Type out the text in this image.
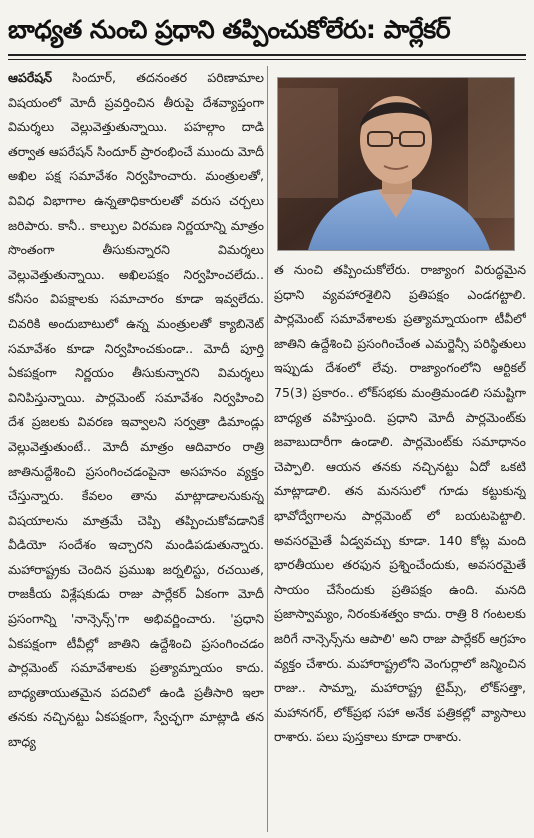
బాధ్యత నుంచి ప్రధాని తప్పించుకోలేరు: పార్లేకర్

ఆపరేషన్ సిందూర్, తదనంతర పరిణామాల విషయంలో మోదీ ప్రవర్తించిన తీరుపై దేశవ్యాప్తంగా విమర్శలు వెల్లువెత్తుతున్నాయి. పహల్గాం దాడి తర్వాత ఆపరేషన్ సిందూర్ ప్రారంభించే ముందు మోదీ అఖిల పక్ష సమావేశం నిర్వహించారు. మంత్రులతో, వివిధ విభాగాల ఉన్నతాధికారులతో వరుస చర్చలు జరిపారు. కానీ.. కాల్పుల విరమణ నిర్ణయాన్ని మాత్రం సొంతంగా తీసుకున్నారని విమర్శలు వెల్లువెత్తుతున్నాయి. అఖిలపక్షం నిర్వహించలేదు.. కనీసం విపక్షాలకు సమాచారం కూడా ఇవ్వలేదు. చివరికి అందుబాటులో ఉన్న మంత్రులతో క్యాబినెట్ సమావేశం కూడా నిర్వహించకుండా.. మోదీ పూర్తి ఏకపక్షంగా నిర్ణయం తీసుకున్నారని విమర్శలు వినిపిస్తున్నాయి. పార్లమెంట్ సమావేశం నిర్వహించి దేశ ప్రజలకు వివరణ ఇవ్వాలని సర్వత్రా డిమాండ్లు వెల్లువెత్తుతుంటే.. మోదీ మాత్రం ఆదివారం రాత్రి జాతినుద్దేశించి ప్రసంగించడంపైనా అసహనం వ్యక్తం చేస్తున్నారు. కేవలం తాను మాట్లాడాలనుకున్న విషయాలను మాత్రమే చెప్పి తప్పించుకోవడానికే వీడియో సందేశం ఇచ్చారని మండిపడుతున్నారు. మహారాష్ట్రకు చెందిన ప్రముఖ జర్నలిస్టు, రచయిత, రాజకీయ విశ్లేషకుడు రాజు పార్లేకర్ ఏకంగా మోదీ ప్రసంగాన్ని 'నాన్సెన్స్'గా అభివర్ణించారు. 'ప్రధాని ఏకపక్షంగా టీవీల్లో జాతిని ఉద్దేశించి ప్రసంగించడం పార్లమెంట్ సమావేశాలకు ప్రత్యామ్నాయం కాదు. బాధ్యతాయుతమైన పదవిలో ఉండి ప్రతీసారి ఇలా తనకు నచ్చినట్టు ఏకపక్షంగా, స్వేచ్ఛగా మాట్లాడి తన బాధ్య

త నుంచి తప్పించుకోలేరు. రాజ్యాంగ విరుద్ధమైన ప్రధాని వ్యవహారశైలిని ప్రతిపక్షం ఎండగట్టాలి. పార్లమెంట్ సమావేశాలకు ప్రత్యామ్నాయంగా టీవీలో జాతిని ఉద్దేశించి ప్రసంగించేంత ఎమర్జెన్సీ పరిస్థితులు ఇప్పుడు దేశంలో లేవు. రాజ్యాంగంలోని ఆర్టికల్ 75(3) ప్రకారం.. లోక్‌సభకు మంత్రిమండలి సమష్టిగా బాధ్యత వహిస్తుంది. ప్రధాని మోదీ పార్లమెంట్‌కు జవాబుదారీగా ఉండాలి. పార్లమెంట్‌కు సమాధానం చెప్పాలి. ఆయన తనకు నచ్చినట్టు ఏదో ఒకటి మాట్లాడాలి. తన మనసులో గూడు కట్టుకున్న భావోద్వేగాలను పార్లమెంట్ లో బయటపెట్టాలి. అవసరమైతే ఏడ్వవచ్చు కూడా. 140 కోట్ల మంది భారతీయుల తరఫున ప్రశ్నించేందుకు, అవసరమైతే సాయం చేసేందుకు ప్రతిపక్షం ఉంది. మనది ప్రజాస్వామ్యం, నిరంకుశత్వం కాదు. రాత్రి 8 గంటలకు జరిగే నాన్సెన్స్‌ను ఆపాలి' అని రాజు పార్లేకర్ ఆగ్రహం వ్యక్తం చేశారు. మహారాష్ట్రలోని వెంగుర్లాలో జన్మించిన రాజు.. సామ్నా, మహారాష్ట్ర టైమ్స్, లోక్‌సత్తా, మహానగర్, లోక్‌ప్రభ సహా అనేక పత్రికల్లో వ్యాసాలు రాశారు. పలు పుస్తకాలు కూడా రాశారు.
